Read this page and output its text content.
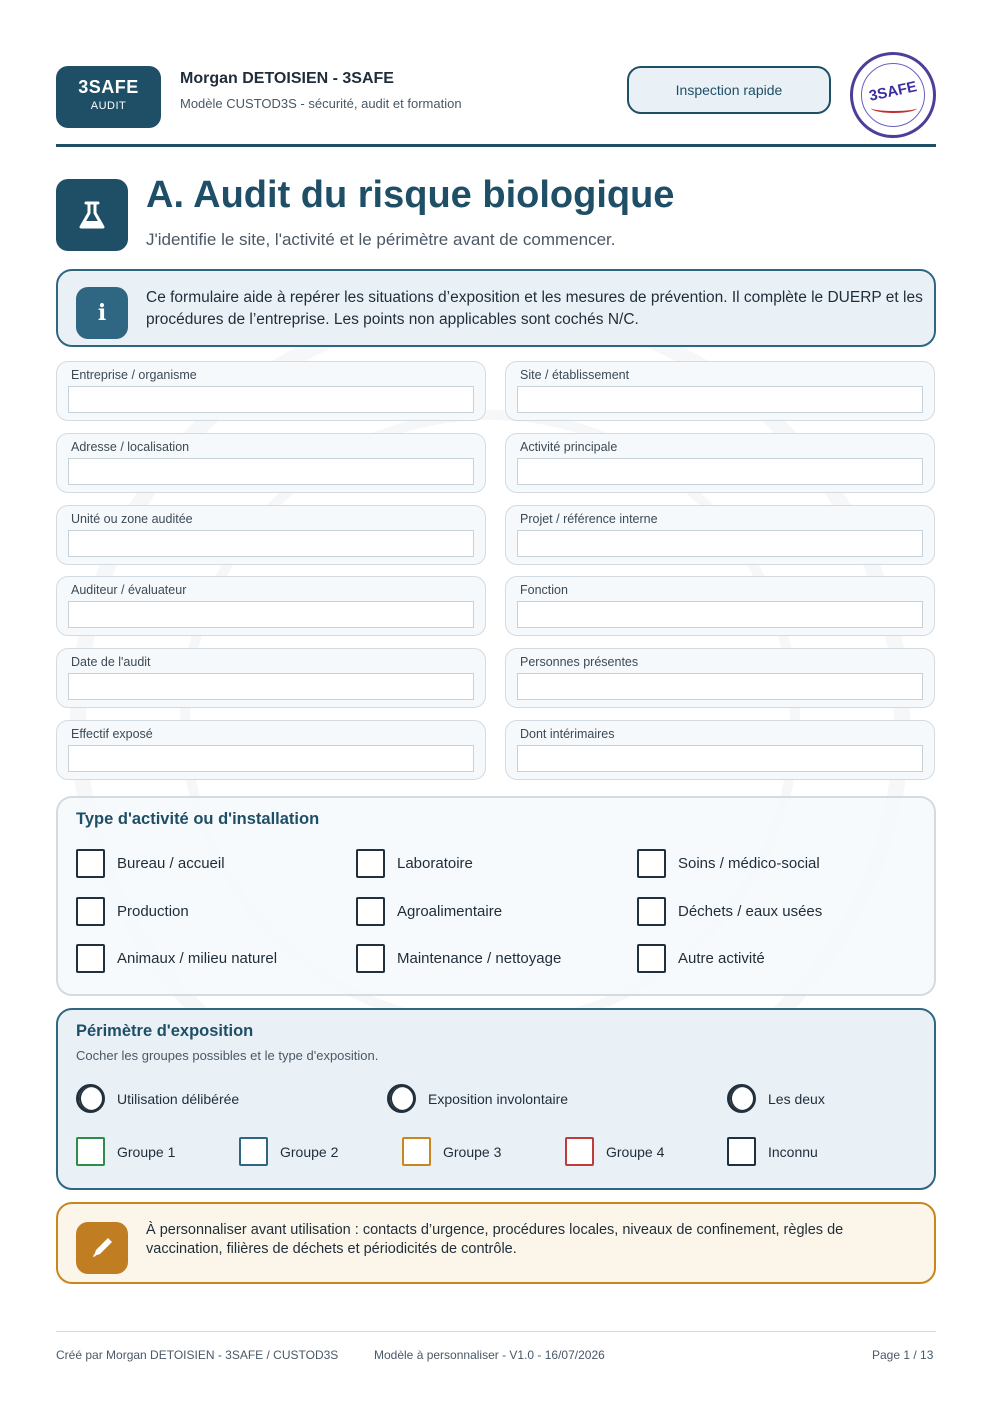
3SAFE
AUDIT
Morgan DETOISIEN - 3SAFE
Modèle CUSTOD3S - sécurité, audit et formation
Inspection rapide	3SAFE
A. Audit du risque biologique
J'identifie le site, l'activité et le périmètre avant de commencer.
i
Ce formulaire aide à repérer les situations d’exposition et les mesures de prévention. Il complète le DUERP et les procédures de l’entreprise. Les points non applicables sont cochés N/C.
Entreprise / organisme	Site / établissement
Adresse / localisation	Activité principale
Unité ou zone auditée	Projet / référence interne
Auditeur / évaluateur	Fonction
Date de l'audit	Personnes présentes
Effectif exposé	Dont intérimaires
Type d'activité ou d'installation
Bureau / accueil	Laboratoire	Soins / médico-social
Production	Agroalimentaire	Déchets / eaux usées
Animaux / milieu naturel	Maintenance / nettoyage	Autre activité
Périmètre d'exposition
Cocher les groupes possibles et le type d'exposition.
Utilisation délibérée	Exposition involontaire	Les deux
Groupe 1	Groupe 2	Groupe 3	Groupe 4	Inconnu
À personnaliser avant utilisation : contacts d’urgence, procédures locales, niveaux de confinement, règles de vaccination, filières de déchets et périodicités de contrôle.
Créé par Morgan DETOISIEN - 3SAFE / CUSTOD3S	Modèle à personnaliser - V1.0 - 16/07/2026	Page 1 / 13
